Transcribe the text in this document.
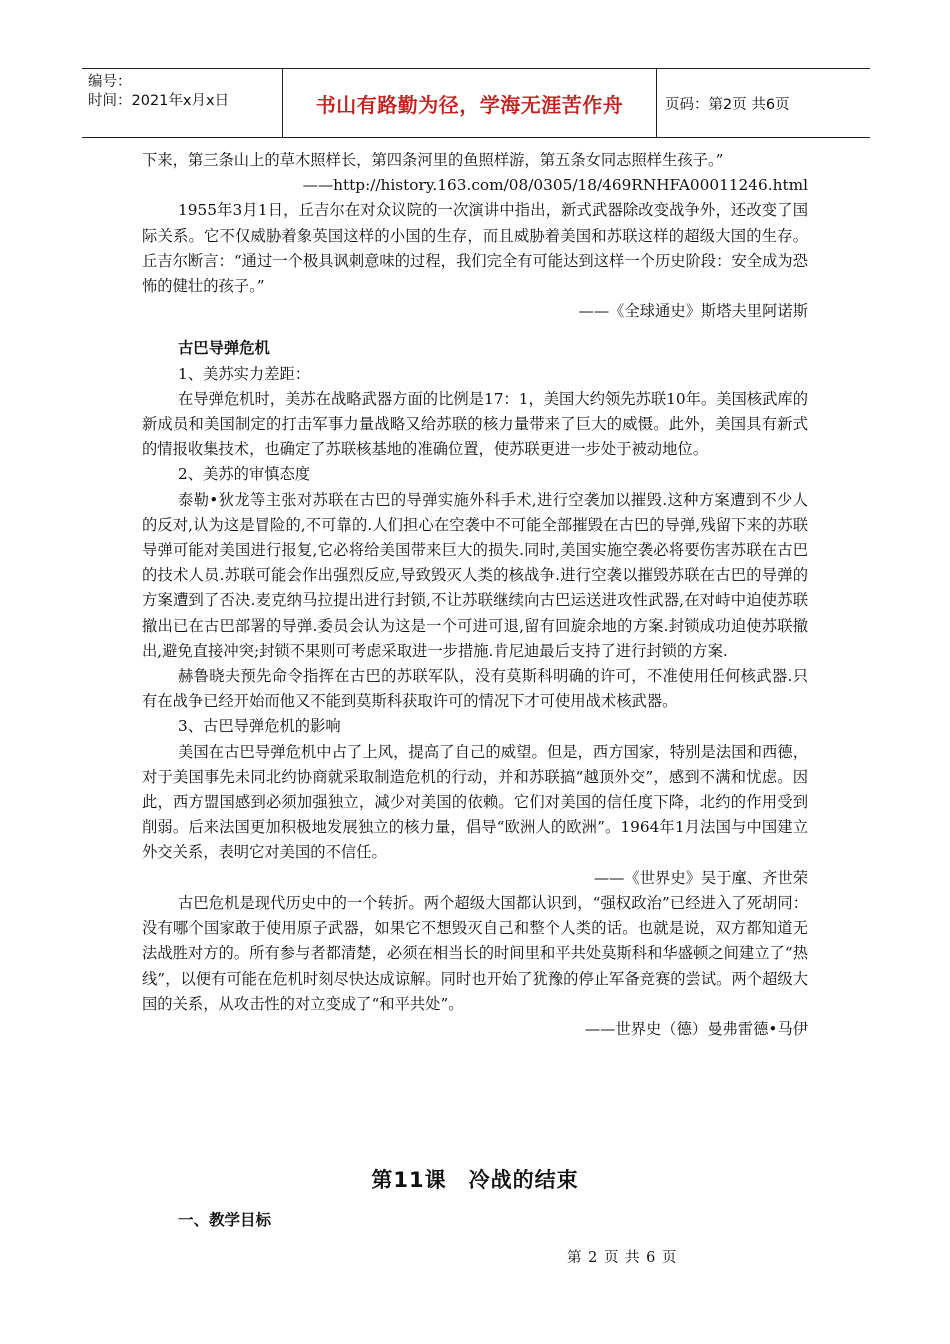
编号：
时间：2021年x月x日	书山有路勤为径，学海无涯苦作舟	页码：第2页 共6页

下来，第三条山上的草木照样长，第四条河里的鱼照样游，第五条女同志照样生孩子。”

——http://history.163.com/08/0305/18/469RNHFA00011246.html

1955年3月1日，丘吉尔在对众议院的一次演讲中指出，新式武器除改变战争外，还改变了国际关系。它不仅威胁着象英国这样的小国的生存，而且威胁着美国和苏联这样的超级大国的生存。丘吉尔断言：“通过一个极具讽刺意味的过程，我们完全有可能达到这样一个历史阶段：安全成为恐怖的健壮的孩子。”

——《全球通史》斯塔夫里阿诺斯

古巴导弹危机

1、美苏实力差距：

在导弹危机时，美苏在战略武器方面的比例是17：1，美国大约领先苏联10年。美国核武库的新成员和美国制定的打击军事力量战略又给苏联的核力量带来了巨大的威慑。此外，美国具有新式的情报收集技术，也确定了苏联核基地的准确位置，使苏联更进一步处于被动地位。

2、美苏的审慎态度

泰勒•狄龙等主张对苏联在古巴的导弹实施外科手术,进行空袭加以摧毁.这种方案遭到不少人的反对,认为这是冒险的,不可靠的.人们担心在空袭中不可能全部摧毁在古巴的导弹,残留下来的苏联导弹可能对美国进行报复,它必将给美国带来巨大的损失.同时,美国实施空袭必将要伤害苏联在古巴的技术人员.苏联可能会作出强烈反应,导致毁灭人类的核战争.进行空袭以摧毁苏联在古巴的导弹的方案遭到了否决.麦克纳马拉提出进行封锁,不让苏联继续向古巴运送进攻性武器,在对峙中迫使苏联撤出已在古巴部署的导弹.委员会认为这是一个可进可退,留有回旋余地的方案.封锁成功迫使苏联撤出,避免直接冲突;封锁不果则可考虑采取进一步措施.肯尼迪最后支持了进行封锁的方案.

赫鲁晓夫预先命令指挥在古巴的苏联军队，没有莫斯科明确的许可，不准使用任何核武器.只有在战争已经开始而他又不能到莫斯科获取许可的情况下才可使用战术核武器。

3、古巴导弹危机的影响

美国在古巴导弹危机中占了上风，提高了自己的威望。但是，西方国家，特别是法国和西德，对于美国事先未同北约协商就采取制造危机的行动，并和苏联搞“越顶外交”，感到不满和忧虑。因此，西方盟国感到必须加强独立，减少对美国的依赖。它们对美国的信任度下降，北约的作用受到削弱。后来法国更加积极地发展独立的核力量，倡导“欧洲人的欧洲”。1964年1月法国与中国建立外交关系，表明它对美国的不信任。

——《世界史》吴于廑、齐世荣

古巴危机是现代历史中的一个转折。两个超级大国都认识到，“强权政治”已经进入了死胡同：没有哪个国家敢于使用原子武器，如果它不想毁灭自己和整个人类的话。也就是说，双方都知道无法战胜对方的。所有参与者都清楚，必须在相当长的时间里和平共处莫斯科和华盛顿之间建立了“热线”，以便有可能在危机时刻尽快达成谅解。同时也开始了犹豫的停止军备竞赛的尝试。两个超级大国的关系，从攻击性的对立变成了“和平共处”。

——世界史（德）曼弗雷德•马伊

第11课　冷战的结束
一、教学目标
第 2 页 共 6 页
